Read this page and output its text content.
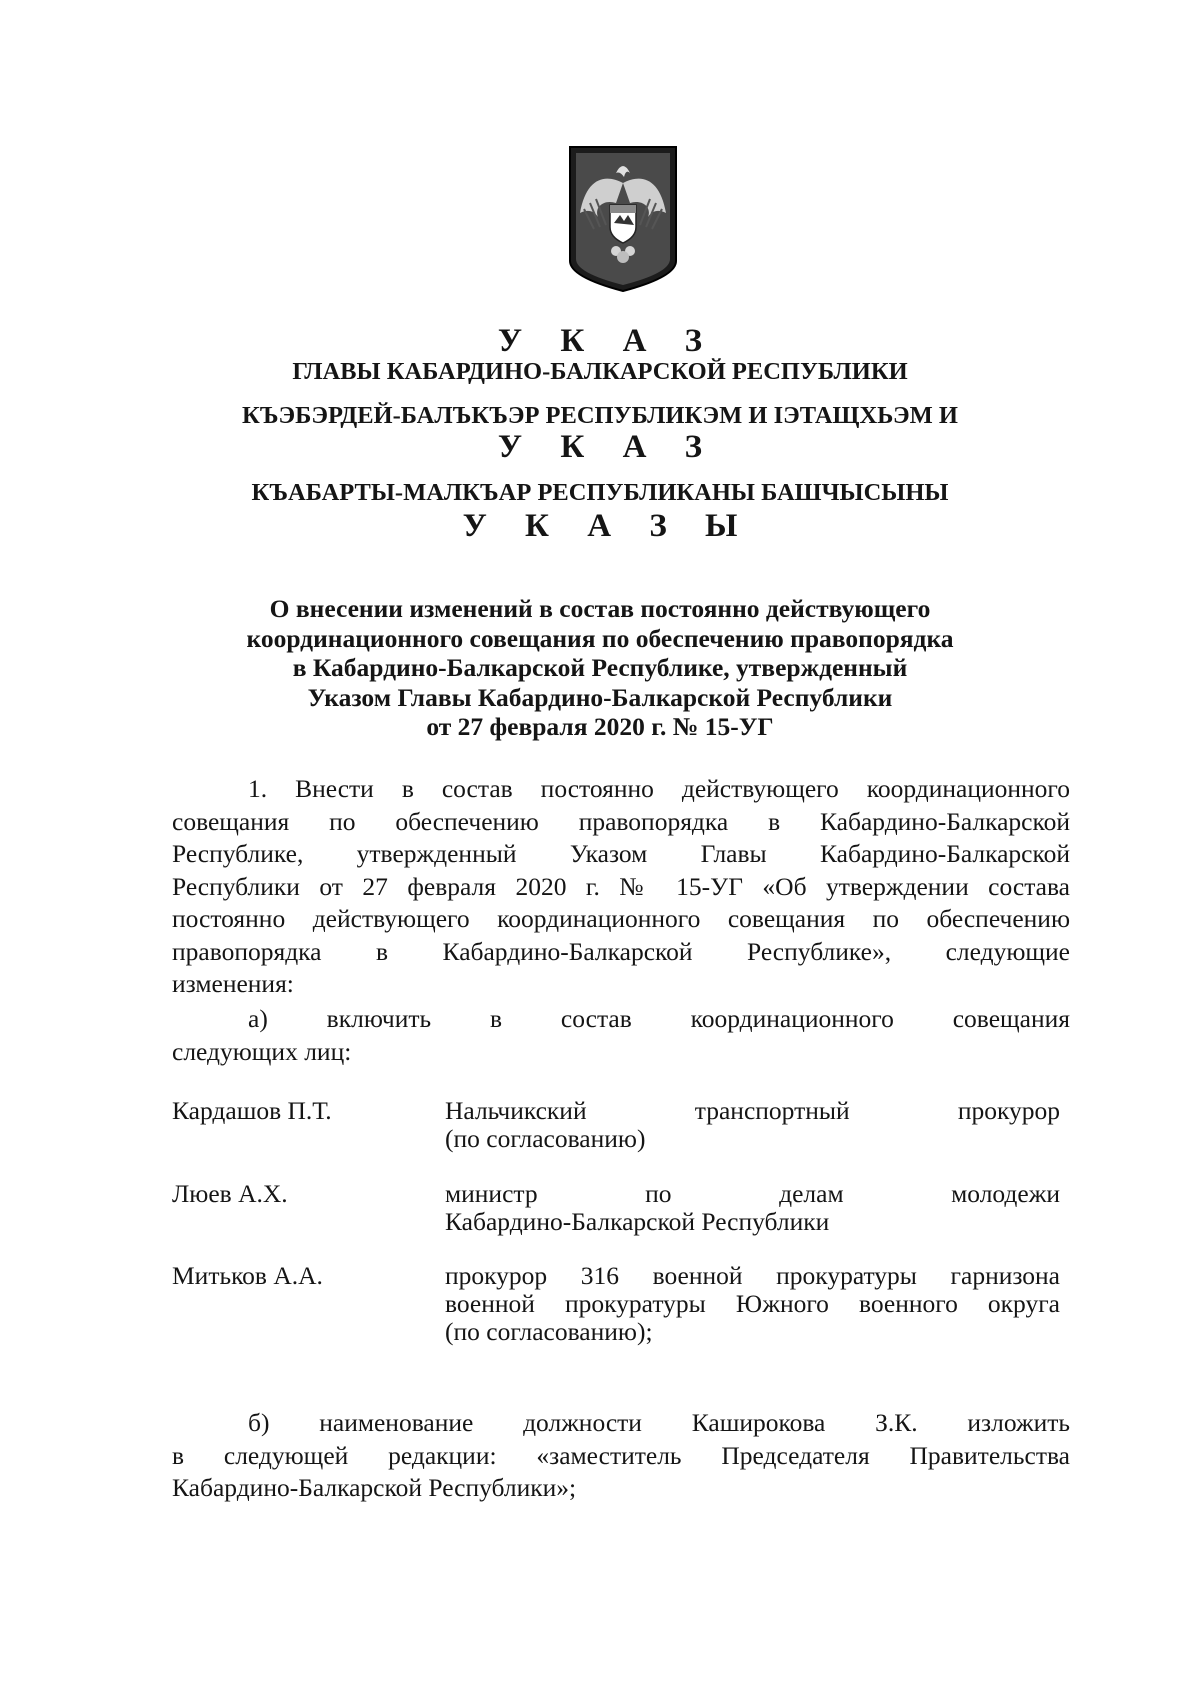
У К А З

ГЛАВЫ КАБАРДИНО-БАЛКАРСКОЙ РЕСПУБЛИКИ

КЪЭБЭРДЕЙ-БАЛЪКЪЭР РЕСПУБЛИКЭМ И ІЭТАЩХЬЭМ И

У К А З

КЪАБАРТЫ-МАЛКЪАР РЕСПУБЛИКАНЫ БАШЧЫСЫНЫ

У К А З Ы

О внесении изменений в состав постоянно действующего
координационного совещания по обеспечению правопорядка
в Кабардино-Балкарской Республике, утвержденный
Указом Главы Кабардино-Балкарской Республики
от 27 февраля 2020 г. № 15-УГ
1. Внести в состав постоянно действующего координационного
совещания по обеспечению правопорядка в Кабардино-Балкарской
Республике, утвержденный Указом Главы Кабардино-Балкарской
Республики от 27 февраля 2020 г. № 15-УГ «Об утверждении состава
постоянно действующего координационного совещания по обеспечению
правопорядка в Кабардино-Балкарской Республике», следующие
изменения:
а) включить в состав координационного совещания
следующих лиц:
Кардашов П.Т.	Нальчикский транспортный прокурор
(по согласованию)
Люев А.Х.	министр по делам молодежи
Кабардино-Балкарской Республики
Митьков А.А.	прокурор 316 военной прокуратуры гарнизона
военной прокуратуры Южного военного округа
(по согласованию);
б) наименование должности Каширокова З.К. изложить
в следующей редакции: «заместитель Председателя Правительства
Кабардино-Балкарской Республики»;
